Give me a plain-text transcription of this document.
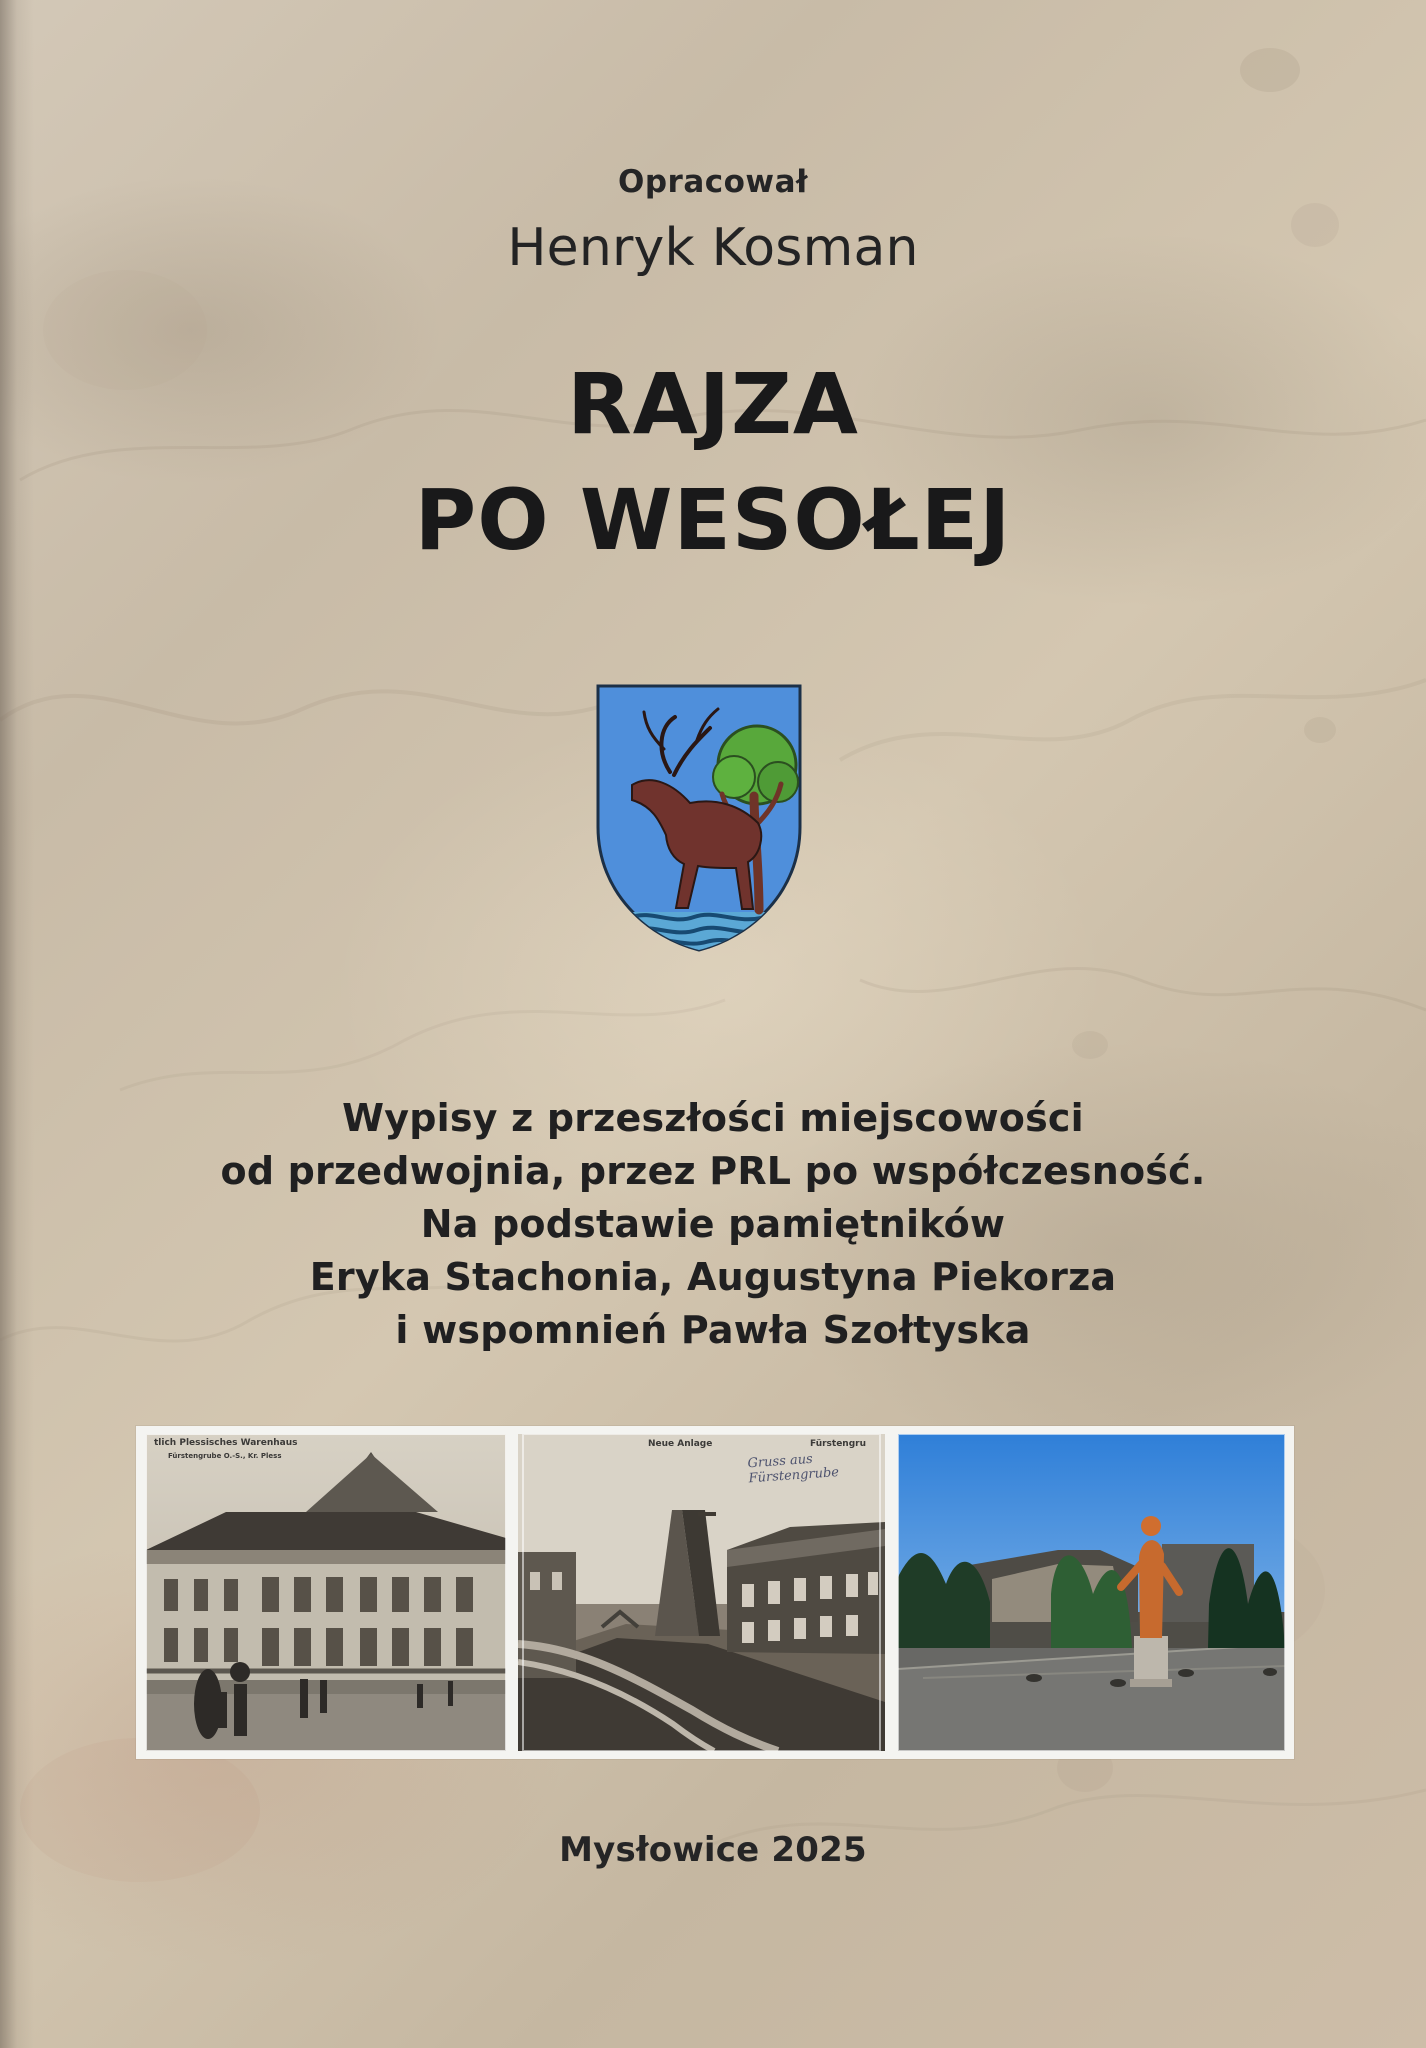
Opracował
Henryk Kosman
RAJZA
PO WESOŁEJ
Wypisy z przeszłości miejscowości
od przedwojnia, przez PRL po współczesność.
Na podstawie pamiętników
Eryka Stachonia, Augustyna Piekorza
i wspomnień Pawła Szołtyska
tlich Plessisches Warenhaus
Fürstengrube O.-S., Kr. Pless
Neue Anlage	Fürstengru
Gruss aus Fürstengrube
Mysłowice 2025
